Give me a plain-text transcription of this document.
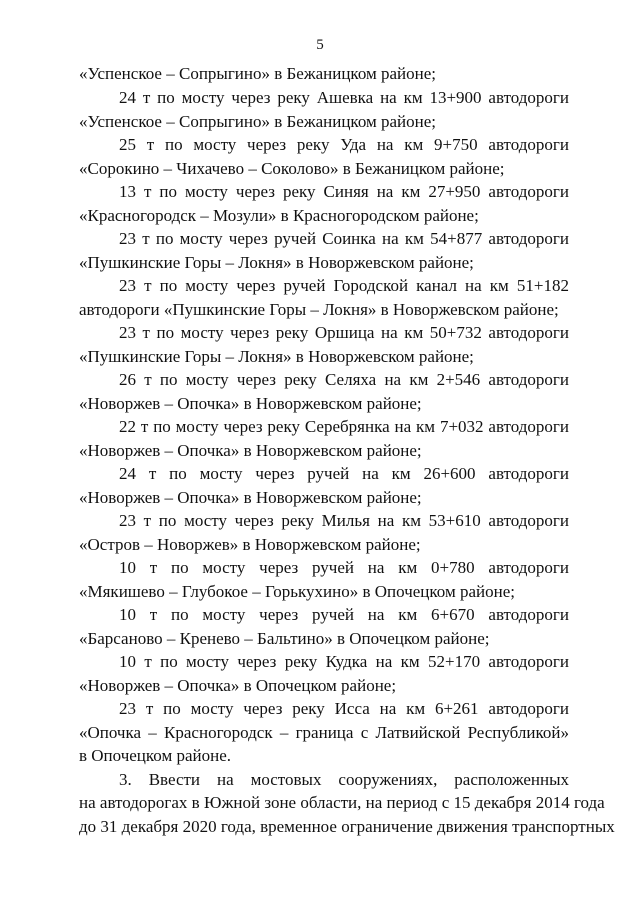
5
«Успенское – Сопрыгино» в Бежаницком районе;
24 т по мосту через реку Ашевка на км 13+900 автодороги
«Успенское – Сопрыгино» в Бежаницком районе;
25 т по мосту через реку Уда на км 9+750 автодороги
«Сорокино – Чихачево – Соколово» в Бежаницком районе;
13 т по мосту через реку Синяя на км 27+950 автодороги
«Красногородск – Мозули» в Красногородском районе;
23 т по мосту через ручей Соинка на км 54+877 автодороги
«Пушкинские Горы – Локня» в Новоржевском районе;
23 т по мосту через ручей Городской канал на км 51+182
автодороги «Пушкинские Горы – Локня» в Новоржевском районе;
23 т по мосту через реку Оршица на км 50+732 автодороги
«Пушкинские Горы – Локня» в Новоржевском районе;
26 т по мосту через реку Селяха на км 2+546 автодороги
«Новоржев – Опочка» в Новоржевском районе;
22 т по мосту через реку Серебрянка на км 7+032 автодороги
«Новоржев – Опочка» в Новоржевском районе;
24 т по мосту через ручей на км 26+600 автодороги
«Новоржев – Опочка» в Новоржевском районе;
23 т по мосту через реку Милья на км 53+610 автодороги
«Остров – Новоржев» в Новоржевском районе;
10 т по мосту через ручей на км 0+780 автодороги
«Мякишево – Глубокое – Горькухино» в Опочецком районе;
10 т по мосту через ручей на км 6+670 автодороги
«Барсаново – Кренево – Бальтино» в Опочецком районе;
10 т по мосту через реку Кудка на км 52+170 автодороги
«Новоржев – Опочка» в Опочецком районе;
23 т по мосту через реку Исса на км 6+261 автодороги
«Опочка – Красногородск – граница с Латвийской Республикой»
в Опочецком районе.
3. Ввести на мостовых сооружениях, расположенных
на автодорогах в Южной зоне области, на период с 15 декабря 2014 года
до 31 декабря 2020 года, временное ограничение движения транспортных
